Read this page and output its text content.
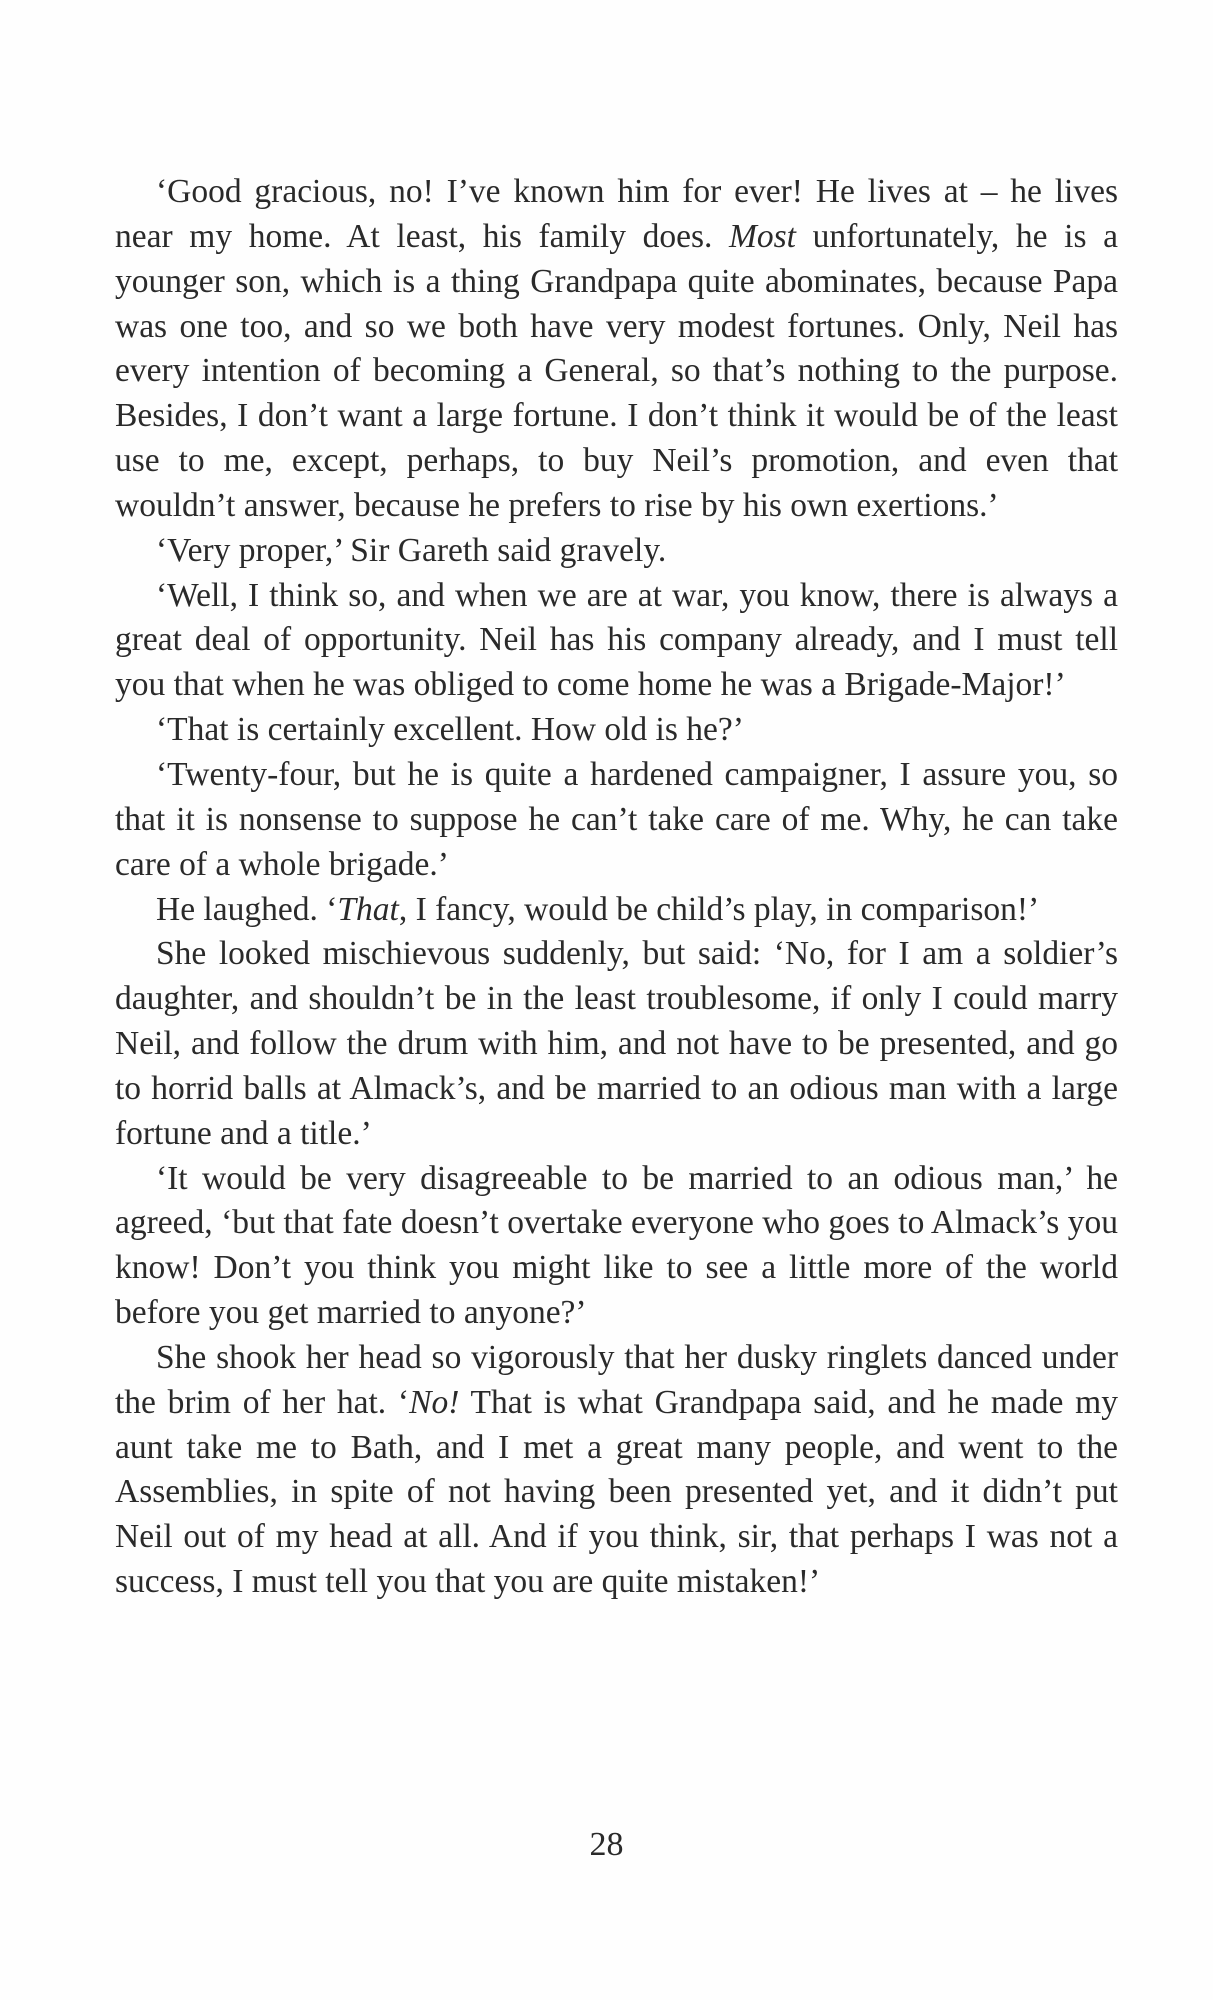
‘Good gracious, no! I’ve known him for ever! He lives at – he lives near my home. At least, his family does. Most unfortunately, he is a younger son, which is a thing Grandpapa quite abominates, because Papa was one too, and so we both have very modest fortunes. Only, Neil has every intention of becoming a General, so that’s nothing to the purpose. Besides, I don’t want a large fortune. I don’t think it would be of the least use to me, except, perhaps, to buy Neil’s promotion, and even that wouldn’t answer, because he prefers to rise by his own exertions.’

‘Very proper,’ Sir Gareth said gravely.

‘Well, I think so, and when we are at war, you know, there is always a great deal of opportunity. Neil has his company already, and I must tell you that when he was obliged to come home he was a Brigade-Major!’

‘That is certainly excellent. How old is he?’

‘Twenty-four, but he is quite a hardened campaigner, I assure you, so that it is nonsense to suppose he can’t take care of me. Why, he can take care of a whole brigade.’

He laughed. ‘That, I fancy, would be child’s play, in comparison!’

She looked mischievous suddenly, but said: ‘No, for I am a soldier’s daughter, and shouldn’t be in the least troublesome, if only I could marry Neil, and follow the drum with him, and not have to be presented, and go to horrid balls at Almack’s, and be married to an odious man with a large fortune and a title.’

‘It would be very disagreeable to be married to an odious man,’ he agreed, ‘but that fate doesn’t overtake everyone who goes to Almack’s you know! Don’t you think you might like to see a little more of the world before you get married to anyone?’

She shook her head so vigorously that her dusky ringlets danced under the brim of her hat. ‘No! That is what Grandpapa said, and he made my aunt take me to Bath, and I met a great many people, and went to the Assemblies, in spite of not having been presented yet, and it didn’t put Neil out of my head at all. And if you think, sir, that perhaps I was not a success, I must tell you that you are quite mistaken!’

28
